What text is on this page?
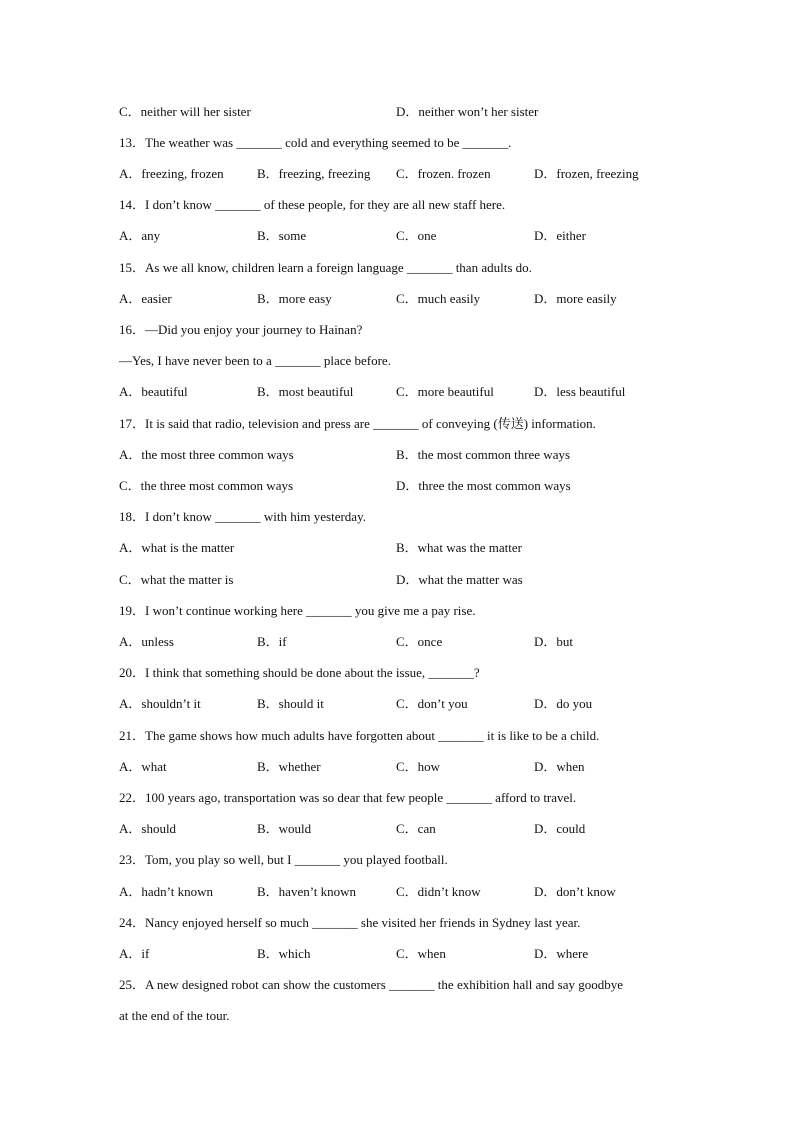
C．neither will her sister	D．neither won’t her sister
13．The weather was _______ cold and everything seemed to be _______.
A．freezing, frozen	B．freezing, freezing C．frozen. frozen	D．frozen, freezing
14．I don’t know _______ of these people, for they are all new staff here.
A．any	B．some	C．one	D．either
15．As we all know, children learn a foreign language _______ than adults do.
A．easier	B．more easy	C．much easily	D．more easily
16．—Did you enjoy your journey to Hainan?
—Yes, I have never been to a _______ place before.
A．beautiful	B．most beautiful	C．more beautiful	D．less beautiful
17．It is said that radio, television and press are _______ of conveying (传送) information.
A．the most three common ways	B．the most common three ways
C．the three most common ways	D．three the most common ways
18．I don’t know _______ with him yesterday.
A．what is the matter	B．what was the matter
C．what the matter is	D．what the matter was
19．I won’t continue working here _______ you give me a pay rise.
A．unless	B．if	C．once	D．but
20．I think that something should be done about the issue, _______?
A．shouldn’t it	B．should it	C．don’t you	D．do you
21．The game shows how much adults have forgotten about _______ it is like to be a child.
A．what	B．whether	C．how	D．when
22．100 years ago, transportation was so dear that few people _______ afford to travel.
A．should	B．would	C．can	D．could
23．Tom, you play so well, but I _______ you played football.
A．hadn’t known	B．haven’t known	C．didn’t know	D．don’t know
24．Nancy enjoyed herself so much _______ she visited her friends in Sydney last year.
A．if	B．which	C．when	D．where
25．A new designed robot can show the customers _______ the exhibition hall and say goodbye
at the end of the tour.
